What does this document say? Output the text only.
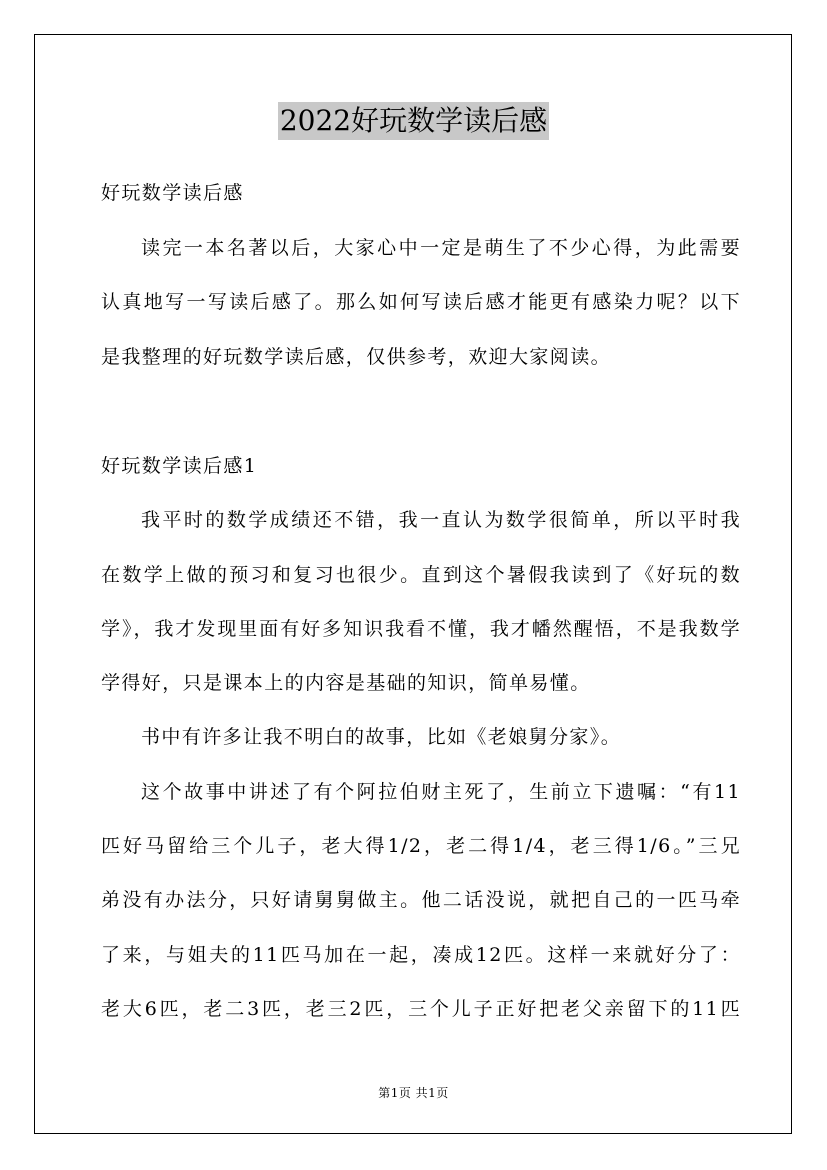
2022好玩数学读后感
好玩数学读后感
读完一本名著以后，大家心中一定是萌生了不少心得，为此需要
认真地写一写读后感了。那么如何写读后感才能更有感染力呢？以下
是我整理的好玩数学读后感，仅供参考，欢迎大家阅读。
好玩数学读后感1
我平时的数学成绩还不错，我一直认为数学很简单，所以平时我
在数学上做的预习和复习也很少。直到这个暑假我读到了《好玩的数
学》，我才发现里面有好多知识我看不懂，我才幡然醒悟，不是我数学
学得好，只是课本上的内容是基础的知识，简单易懂。
书中有许多让我不明白的故事，比如《老娘舅分家》。
这个故事中讲述了有个阿拉伯财主死了，生前立下遗嘱：“有11
匹好马留给三个儿子，老大得1/2，老二得1/4，老三得1/6。”三兄
弟没有办法分，只好请舅舅做主。他二话没说，就把自己的一匹马牵
了来，与姐夫的11匹马加在一起，凑成12匹。这样一来就好分了：
老大6匹，老二3匹，老三2匹，三个儿子正好把老父亲留下的11匹
第1页 共1页
